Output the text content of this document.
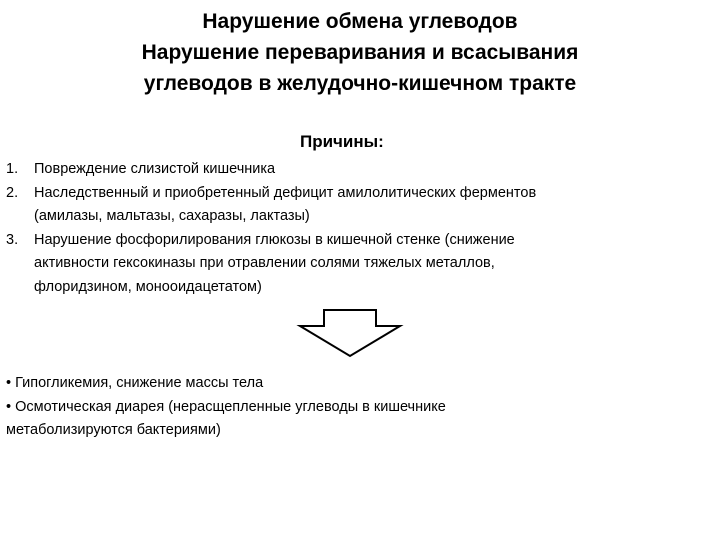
Нарушение обмена углеводов
Нарушение переваривания и всасывания
углеводов в желудочно-кишечном тракте
Причины:
1.	Повреждение слизистой кишечника
2.	Наследственный и приобретенный дефицит амилолитических ферментов
(амилазы, мальтазы, сахаразы, лактазы)
3.	Нарушение фосфорилирования глюкозы в кишечной стенке (снижение
активности гексокиназы при отравлении солями тяжелых металлов,
флоридзином, монооидацетатом)
• Гипогликемия, снижение массы тела
• Осмотическая диарея (нерасщепленные углеводы в кишечнике
метаболизируются бактериями)
